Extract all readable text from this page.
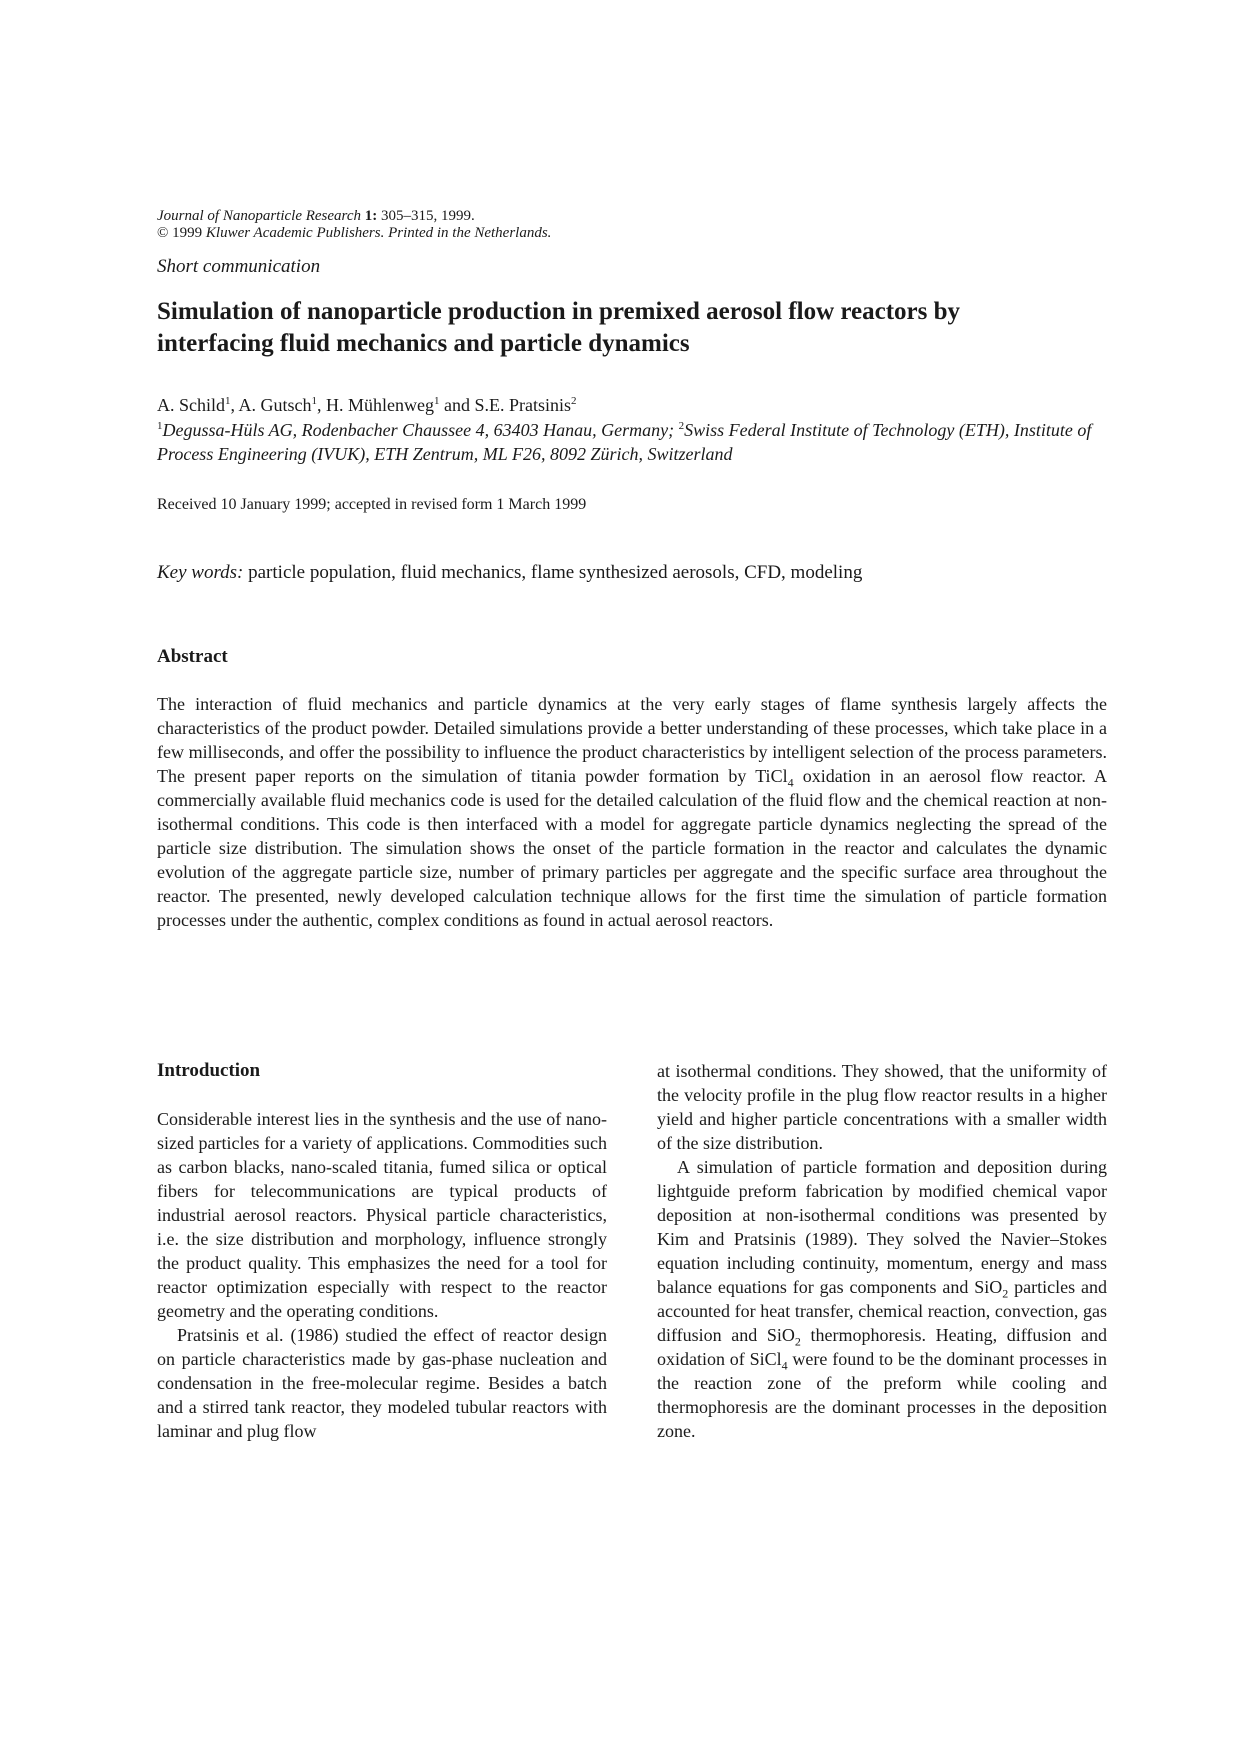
Journal of Nanoparticle Research 1: 305–315, 1999.
© 1999 Kluwer Academic Publishers. Printed in the Netherlands.
Short communication
Simulation of nanoparticle production in premixed aerosol flow reactors by interfacing fluid mechanics and particle dynamics
A. Schild$^1$, A. Gutsch$^1$, H. Mühlenweg$^1$ and S.E. Pratsinis$^2$
$^1$Degussa-Hüls AG, Rodenbacher Chaussee 4, 63403 Hanau, Germany; $^2$Swiss Federal Institute of Technology (ETH), Institute of Process Engineering (IVUK), ETH Zentrum, ML F26, 8092 Zürich, Switzerland
Received 10 January 1999; accepted in revised form 1 March 1999
Key words: particle population, fluid mechanics, flame synthesized aerosols, CFD, modeling
Abstract
The interaction of fluid mechanics and particle dynamics at the very early stages of flame synthesis largely affects the characteristics of the product powder. Detailed simulations provide a better understanding of these processes, which take place in a few milliseconds, and offer the possibility to influence the product characteristics by intelligent selection of the process parameters. The present paper reports on the simulation of titania powder formation by TiCl$_4$ oxidation in an aerosol flow reactor. A commercially available fluid mechanics code is used for the detailed calculation of the fluid flow and the chemical reaction at non-isothermal conditions. This code is then interfaced with a model for aggregate particle dynamics neglecting the spread of the particle size distribution. The simulation shows the onset of the particle formation in the reactor and calculates the dynamic evolution of the aggregate particle size, number of primary particles per aggregate and the specific surface area throughout the reactor. The presented, newly developed calculation technique allows for the first time the simulation of particle formation processes under the authentic, complex conditions as found in actual aerosol reactors.
Introduction

Considerable interest lies in the synthesis and the use of nano-sized particles for a variety of applications. Commodities such as carbon blacks, nano-scaled titania, fumed silica or optical fibers for telecommunications are typical products of industrial aerosol reactors. Physical particle characteristics, i.e. the size distribution and morphology, influence strongly the product quality. This emphasizes the need for a tool for reactor optimization especially with respect to the reactor geometry and the operating conditions.

Pratsinis et al. (1986) studied the effect of reactor design on particle characteristics made by gas-phase nucleation and condensation in the free-molecular regime. Besides a batch and a stirred tank reactor, they modeled tubular reactors with laminar and plug flow

at isothermal conditions. They showed, that the uniformity of the velocity profile in the plug flow reactor results in a higher yield and higher particle concentrations with a smaller width of the size distribution.

A simulation of particle formation and deposition during lightguide preform fabrication by modified chemical vapor deposition at non-isothermal conditions was presented by Kim and Pratsinis (1989). They solved the Navier–Stokes equation including continuity, momentum, energy and mass balance equations for gas components and SiO$_2$ particles and accounted for heat transfer, chemical reaction, convection, gas diffusion and SiO$_2$ thermophoresis. Heating, diffusion and oxidation of SiCl$_4$ were found to be the dominant processes in the reaction zone of the preform while cooling and thermophoresis are the dominant processes in the deposition zone.
